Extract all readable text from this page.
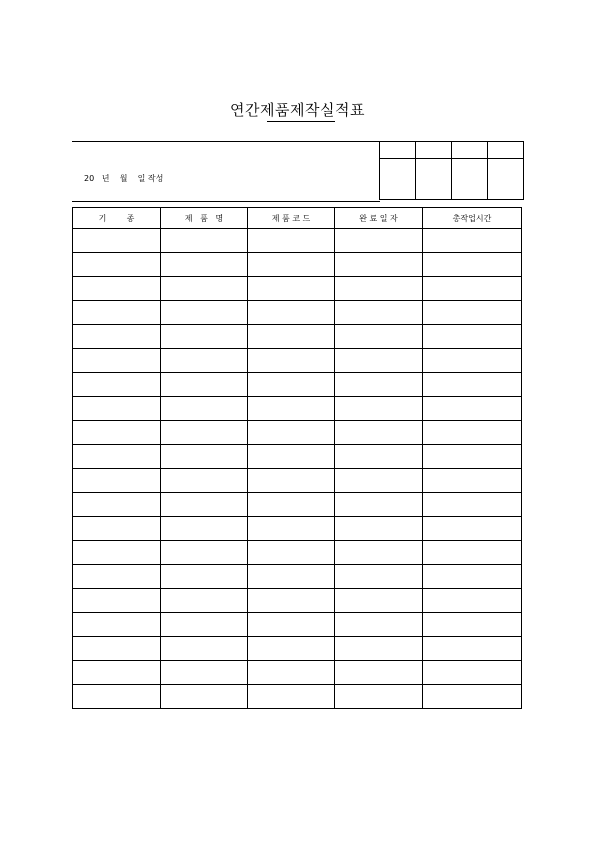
연간제품제작실적표
20   년    월    일 작성

기        종	제   품   명	제 품 코 드	완 료 일 자	총작업시간
